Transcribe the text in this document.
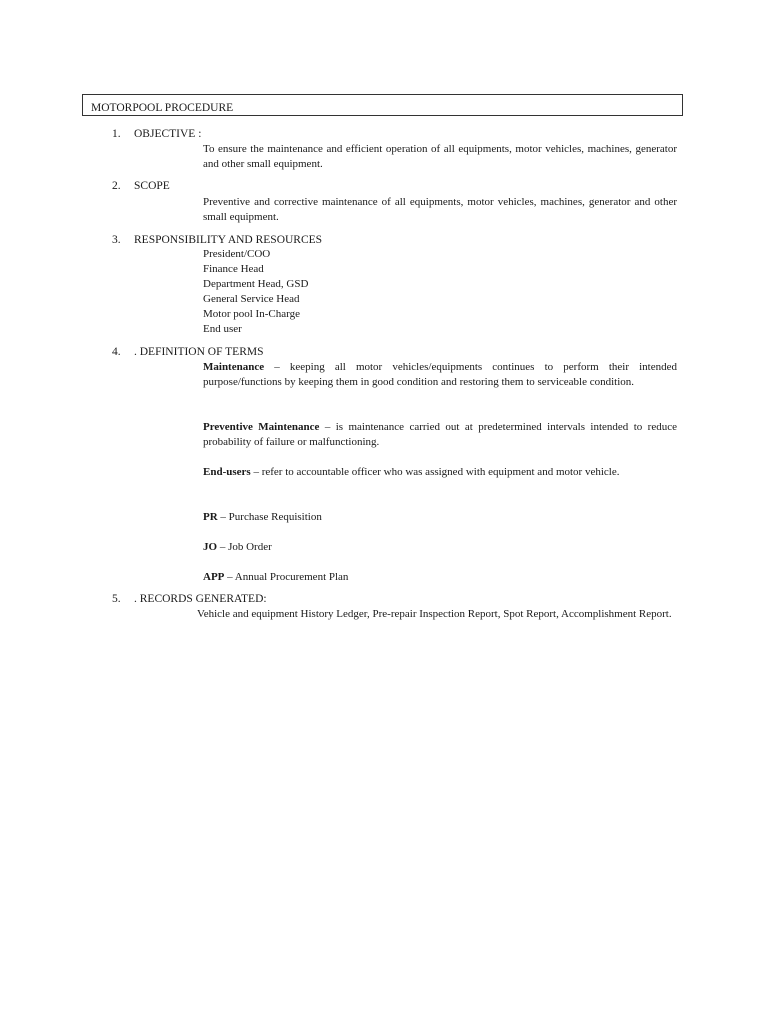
MOTORPOOL PROCEDURE
1. OBJECTIVE :
To ensure the maintenance and efficient operation of all equipments, motor vehicles, machines, generator and other small equipment.
2. SCOPE
Preventive and corrective maintenance of all equipments, motor vehicles, machines, generator and other small equipment.
3. RESPONSIBILITY AND RESOURCES
President/COO
Finance Head
Department Head, GSD
General Service Head
Motor pool In-Charge
End user
4. . DEFINITION OF TERMS
Maintenance – keeping all motor vehicles/equipments continues to perform their intended purpose/functions by keeping them in good condition and restoring them to serviceable condition.
Preventive Maintenance – is maintenance carried out at predetermined intervals intended to reduce probability of failure or malfunctioning.
End-users – refer to accountable officer who was assigned with equipment and motor vehicle.
PR – Purchase Requisition
JO – Job Order
APP – Annual Procurement Plan
5. . RECORDS GENERATED:
Vehicle and equipment History Ledger, Pre-repair Inspection Report, Spot Report, Accomplishment Report.
